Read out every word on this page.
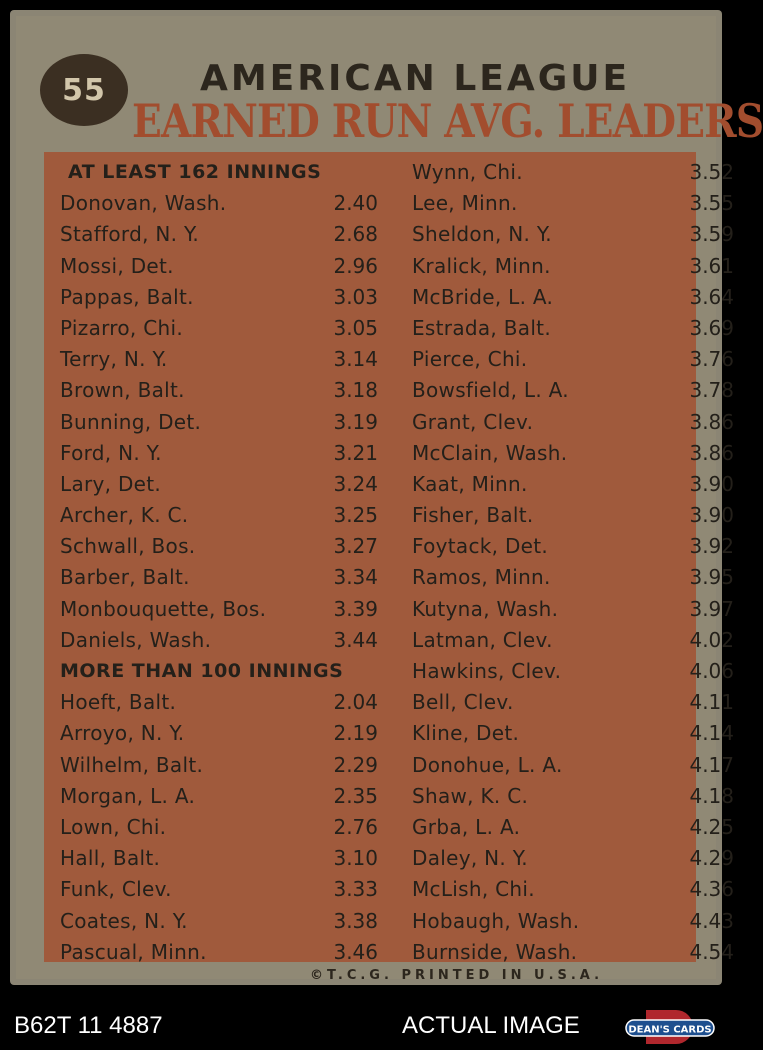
55	AMERICAN LEAGUE
EARNED RUN AVG. LEADERS
AT LEAST 162 INNINGS
Donovan, Wash.	2.40
Stafford, N. Y.	2.68
Mossi, Det.	2.96
Pappas, Balt.	3.03
Pizarro, Chi.	3.05
Terry, N. Y.	3.14
Brown, Balt.	3.18
Bunning, Det.	3.19
Ford, N. Y.	3.21
Lary, Det.	3.24
Archer, K. C.	3.25
Schwall, Bos.	3.27
Barber, Balt.	3.34
Monbouquette, Bos.	3.39
Daniels, Wash.	3.44
MORE THAN 100 INNINGS
Hoeft, Balt.	2.04
Arroyo, N. Y.	2.19
Wilhelm, Balt.	2.29
Morgan, L. A.	2.35
Lown, Chi.	2.76
Hall, Balt.	3.10
Funk, Clev.	3.33
Coates, N. Y.	3.38
Pascual, Minn.	3.46
Wynn, Chi.	3.52
Lee, Minn.	3.55
Sheldon, N. Y.	3.59
Kralick, Minn.	3.61
McBride, L. A.	3.64
Estrada, Balt.	3.69
Pierce, Chi.	3.76
Bowsfield, L. A.	3.78
Grant, Clev.	3.86
McClain, Wash.	3.86
Kaat, Minn.	3.90
Fisher, Balt.	3.90
Foytack, Det.	3.92
Ramos, Minn.	3.95
Kutyna, Wash.	3.97
Latman, Clev.	4.02
Hawkins, Clev.	4.06
Bell, Clev.	4.11
Kline, Det.	4.14
Donohue, L. A.	4.17
Shaw, K. C.	4.18
Grba, L. A.	4.25
Daley, N. Y.	4.29
McLish, Chi.	4.36
Hobaugh, Wash.	4.43
Burnside, Wash.	4.54
©T.C.G. PRINTED IN U.S.A.
B62T 11 4887	ACTUAL IMAGE	DEAN'S CARDS
